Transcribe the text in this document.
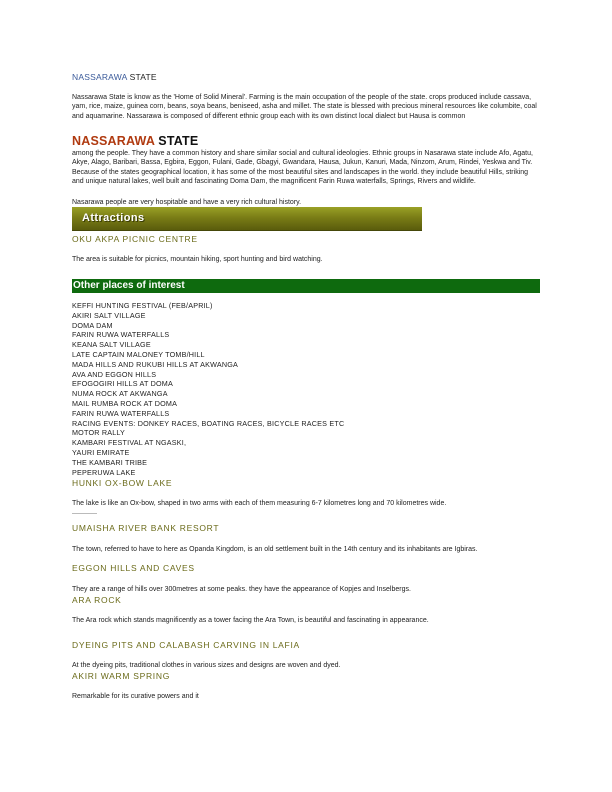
NASSARAWA STATE

Nassarawa State is know as the 'Home of Solid Mineral'. Farming is the main occupation of the people of the state. crops produced include cassava, yam, rice, maize, guinea corn, beans, soya beans, beniseed, asha and millet. The state is blessed with precious mineral resources like columbite, coal and aquamarine. Nassarawa is composed of different ethnic group each with its own distinct local dialect but Hausa is common

NASSARAWA STATE

among the people. They have a common history and share similar social and cultural ideologies. Ethnic groups in Nasarawa state include Afo, Agatu, Akye, Alago, Baribari, Bassa, Egbira, Eggon, Fulani, Gade, Gbagyi, Gwandara, Hausa, Jukun, Kanuri, Mada, Ninzom, Arum, Rindei, Yeskwa and Tiv. Because of the states geographical location, it has some of the most beautiful sites and landscapes in the world. they include beautiful Hills, striking and unique natural lakes, well built and fascinating Doma Dam, the magnificent Farin Ruwa waterfalls, Springs, Rivers and wildlife.

Nasarawa people are very hospitable and have a very rich cultural history.

Attractions

OKU AKPA PICNIC CENTRE

The area is suitable for picnics, mountain hiking, sport hunting and bird watching.

Other places of interest
KEFFI HUNTING FESTIVAL (FEB/APRIL)
AKIRI SALT VILLAGE
DOMA DAM
FARIN RUWA WATERFALLS
KEANA SALT VILLAGE
LATE CAPTAIN MALONEY TOMB/HILL
MADA HILLS AND RUKUBI HILLS AT AKWANGA
AVA AND EGGON HILLS
EFOGOGIRI HILLS AT DOMA
NUMA ROCK AT AKWANGA
MAIL RUMBA ROCK AT DOMA
FARIN RUWA WATERFALLS
RACING EVENTS: DONKEY RACES, BOATING RACES, BICYCLE RACES ETC
MOTOR RALLY
KAMBARI FESTIVAL AT NGASKI,
YAURI EMIRATE
THE KAMBARI TRIBE
PEPERUWA LAKE

HUNKI OX-BOW LAKE

The lake is like an Ox-bow, shaped in two arms with each of them measuring 6-7 kilometres long and 70 kilometres wide.

UMAISHA RIVER BANK RESORT

The town, referred to have to here as Opanda Kingdom, is an old settlement built in the 14th century and its inhabitants are Igbiras.

EGGON HILLS AND CAVES

They are a range of hills over 300metres at some peaks. they have the appearance of Kopjes and Inselbergs.

ARA ROCK

The Ara rock which stands magnificently as a tower facing the Ara Town, is beautiful and fascinating in appearance.

DYEING PITS AND CALABASH CARVING IN LAFIA

At the dyeing pits, traditional clothes in various sizes and designs are woven and dyed.

AKIRI WARM SPRING

Remarkable for its curative powers and it
